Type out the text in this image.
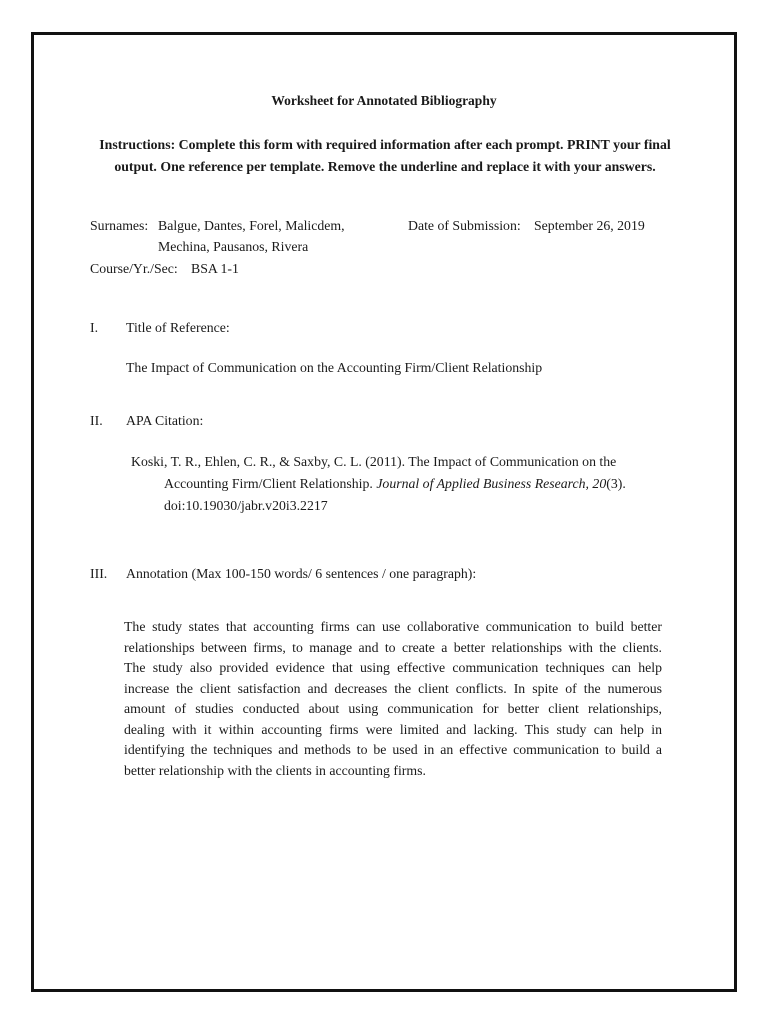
Worksheet for Annotated Bibliography

Instructions: Complete this form with required information after each prompt. PRINT your final output. One reference per template. Remove the underline and replace it with your answers.

Surnames: Balgue, Dantes, Forel, Malicdem,
Mechina, Pausanos, Rivera
Date of Submission: September 26, 2019
Course/Yr./Sec: BSA 1-1
I. Title of Reference:
The Impact of Communication on the Accounting Firm/Client Relationship
II. APA Citation:
Koski, T. R., Ehlen, C. R., & Saxby, C. L. (2011). The Impact of Communication on the
Accounting Firm/Client Relationship. Journal of Applied Business Research, 20(3).
doi:10.19030/jabr.v20i3.2217
III. Annotation (Max 100-150 words/ 6 sentences / one paragraph):
The study states that accounting firms can use collaborative communication to build better
relationships between firms, to manage and to create a better relationships with the clients.
The study also provided evidence that using effective communication techniques can help
increase the client satisfaction and decreases the client conflicts. In spite of the numerous
amount of studies conducted about using communication for better client relationships,
dealing with it within accounting firms were limited and lacking. This study can help in
identifying the techniques and methods to be used in an effective communication to build a
better relationship with the clients in accounting firms.
